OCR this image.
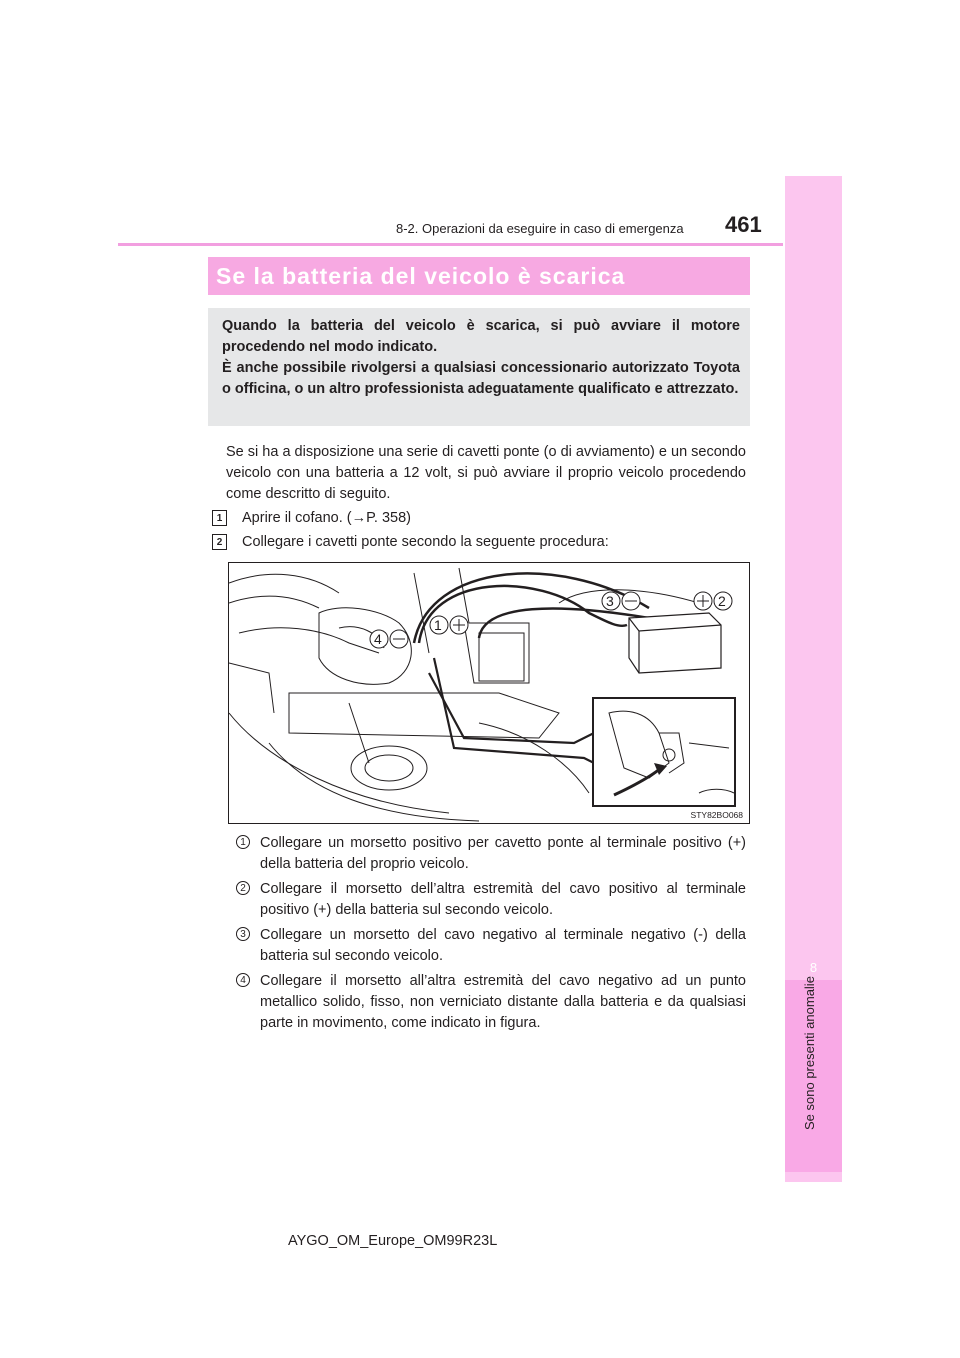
8
Se sono presenti anomalie
8-2. Operazioni da eseguire in caso di emergenza 461
Se la batteria del veicolo è scarica

Quando la batteria del veicolo è scarica, si può avviare il motore procedendo nel modo indicato.

È anche possibile rivolgersi a qualsiasi concessionario autorizzato Toyota o officina, o un altro professionista adeguatamente qualificato e attrezzato.

Se si ha a disposizione una serie di cavetti ponte (o di avviamento) e un secondo veicolo con una batteria a 12 volt, si può avviare il proprio veicolo procedendo come descritto di seguito.
1	Aprire il cofano. (→P. 358)
2	Collegare i cavetti ponte secondo la seguente procedura:
3	2
1
4
STY82BO068
1 Collegare un morsetto positivo per cavetto ponte al terminale positivo (+) della batteria del proprio veicolo.
2 Collegare il morsetto dell’altra estremità del cavo positivo al terminale positivo (+) della batteria sul secondo veicolo.
3 Collegare un morsetto del cavo negativo al terminale negativo (-) della batteria sul secondo veicolo.
4 Collegare il morsetto all’altra estremità del cavo negativo ad un punto metallico solido, fisso, non verniciato distante dalla batteria e da qualsiasi parte in movimento, come indicato in figura.
AYGO_OM_Europe_OM99R23L
